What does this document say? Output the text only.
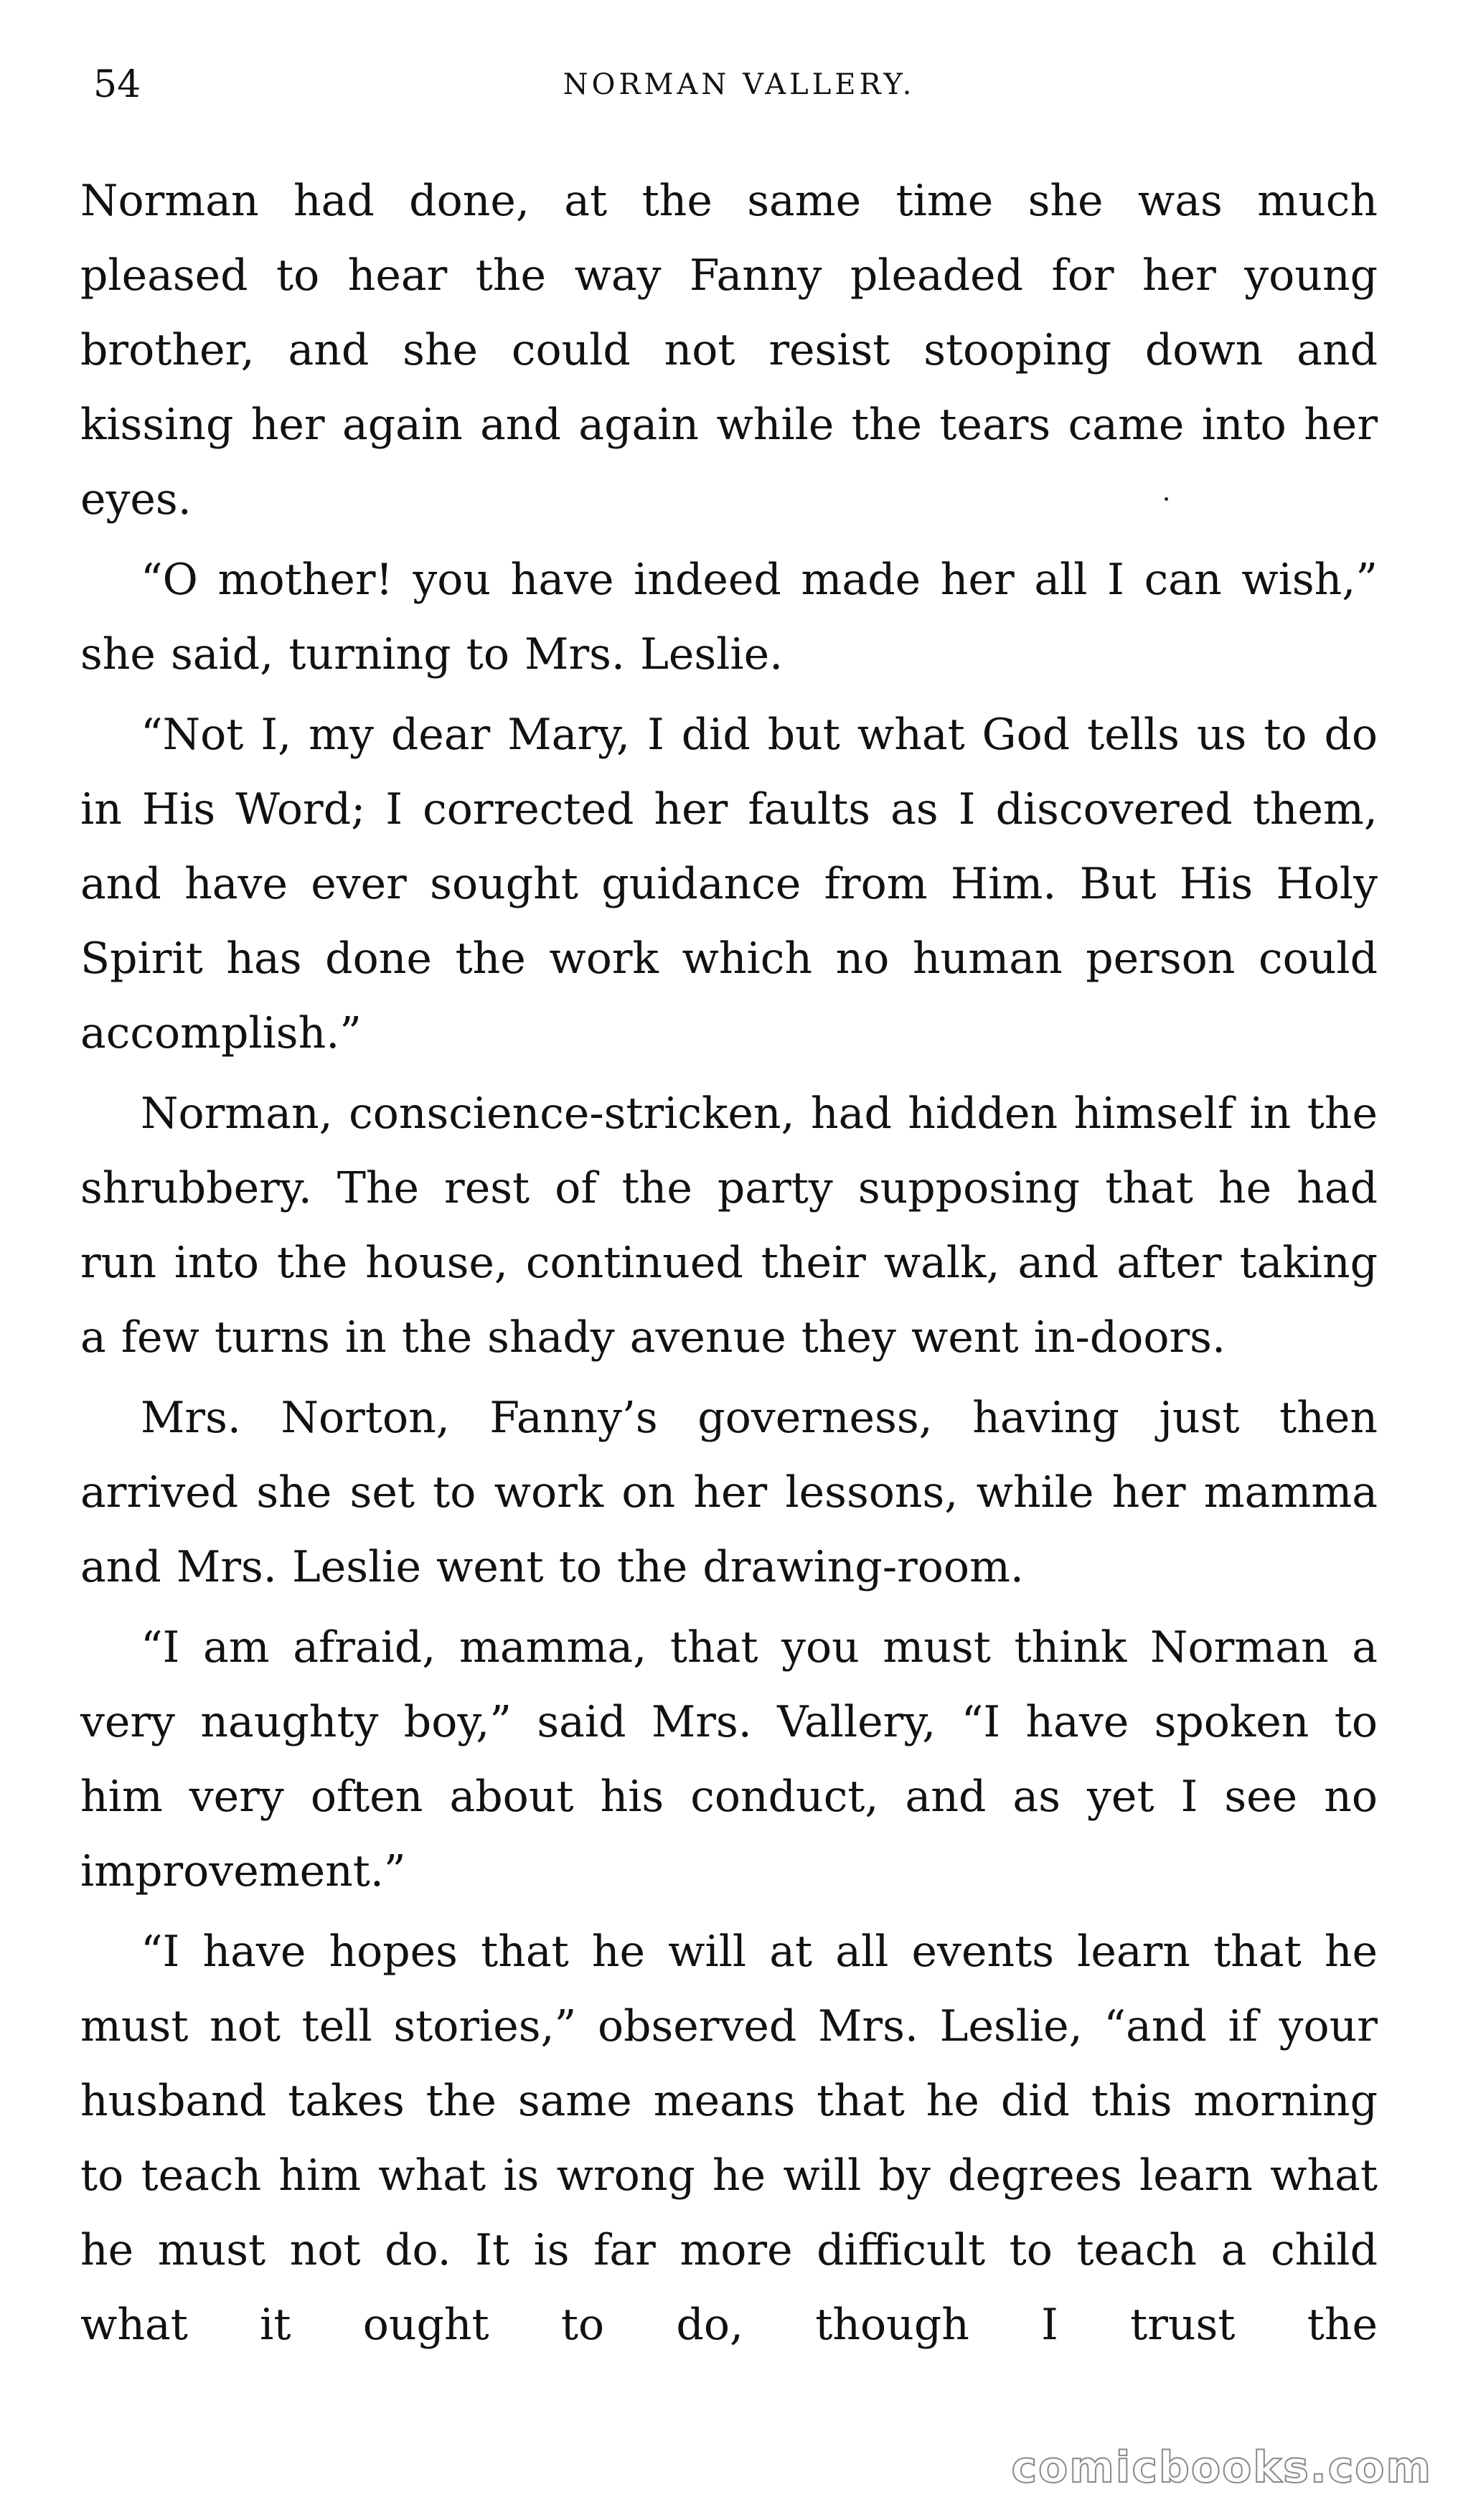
54	NORMAN VALLERY.

Norman had done, at the same time she was much pleased to hear the way Fanny pleaded for her young brother, and she could not resist stooping down and kissing her again and again while the tears came into her eyes.

“O mother! you have indeed made her all I can wish,” she said, turning to Mrs. Leslie.

“Not I, my dear Mary, I did but what God tells us to do in His Word; I corrected her faults as I discovered them, and have ever sought guidance from Him. But His Holy Spirit has done the work which no human person could accomplish.”

Norman, conscience-stricken, had hidden himself in the shrubbery. The rest of the party supposing that he had run into the house, continued their walk, and after taking a few turns in the shady avenue they went in-doors.

Mrs. Norton, Fanny’s governess, having just then arrived she set to work on her lessons, while her mamma and Mrs. Leslie went to the drawing-room.

“I am afraid, mamma, that you must think Norman a very naughty boy,” said Mrs. Vallery, “I have spoken to him very often about his conduct, and as yet I see no improvement.”

“I have hopes that he will at all events learn that he must not tell stories,” observed Mrs. Leslie, “and if your husband takes the same means that he did this morning to teach him what is wrong he will by degrees learn what he must not do. It is far more difficult to teach a child what it ought to do, though I trust the

comicbooks.com
